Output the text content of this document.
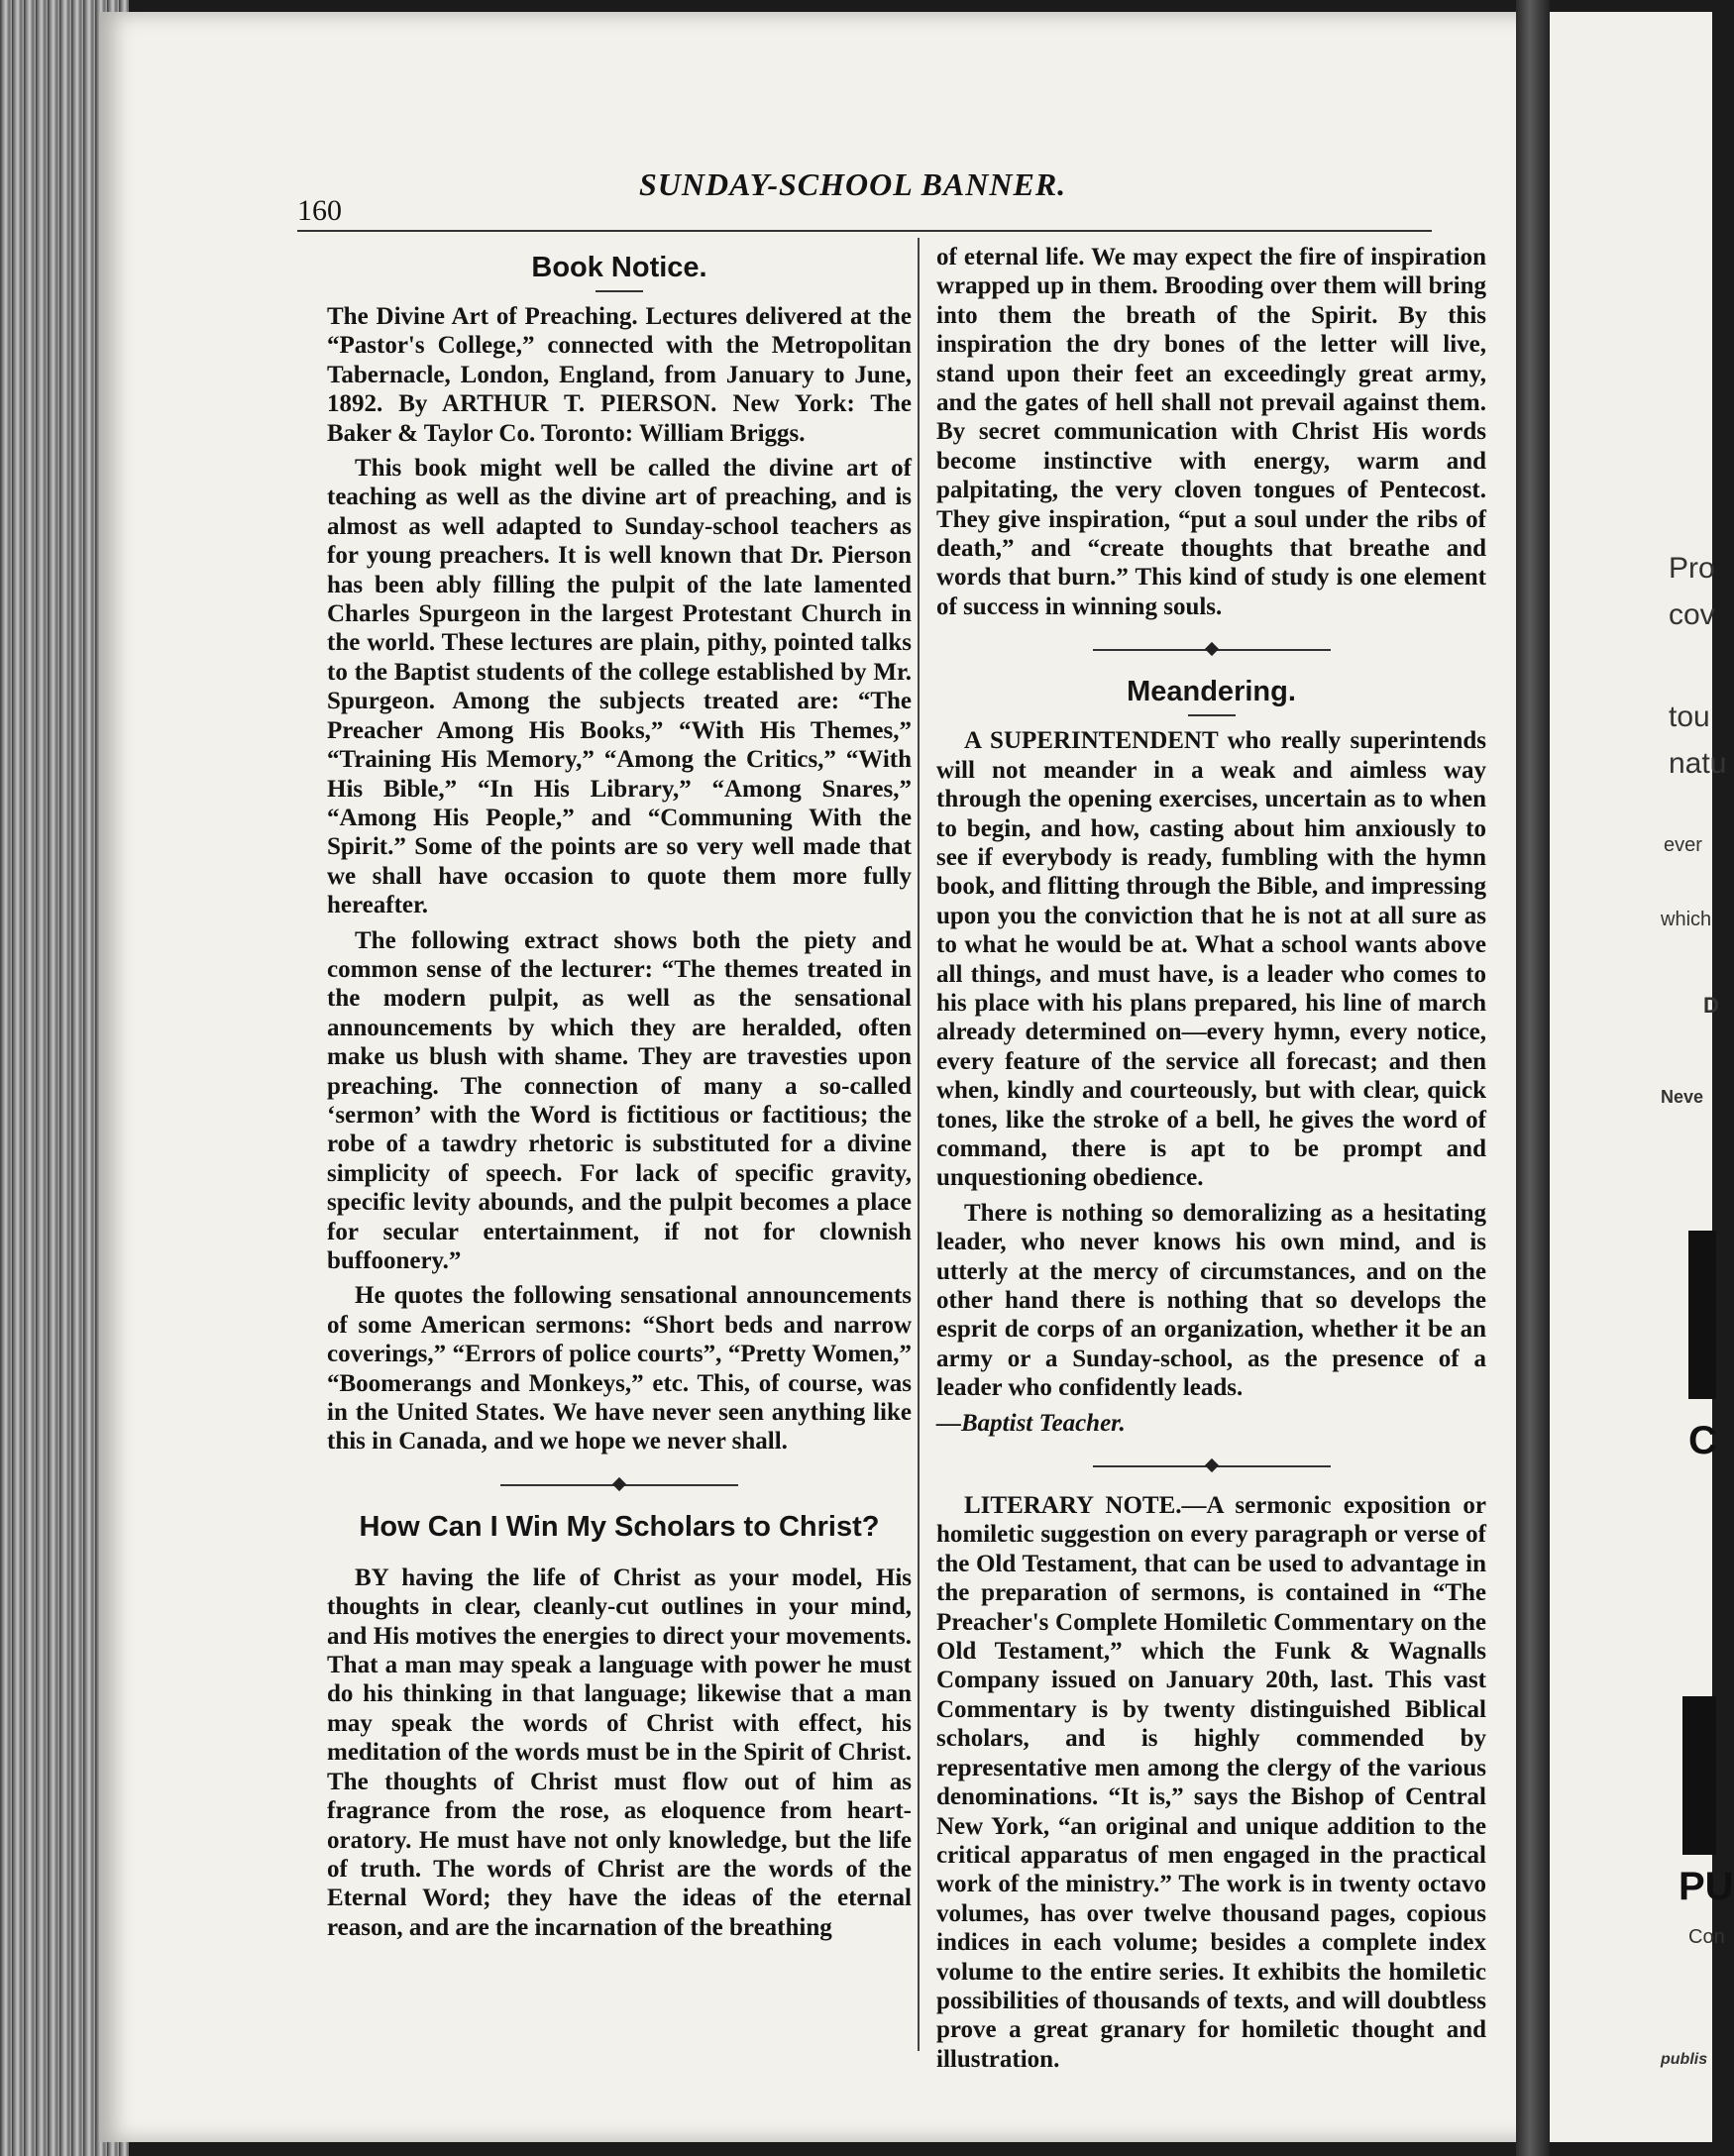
Pro
cov
tou
natu
ever
which
D
Neve
C
PU
Con
publis
160
SUNDAY-SCHOOL BANNER.
Book Notice.

The Divine Art of Preaching. Lectures delivered at the “Pastor's College,” connected with the Metropolitan Tabernacle, London, England, from January to June, 1892. By ARTHUR T. PIERSON. New York: The Baker & Taylor Co. Toronto: William Briggs.

This book might well be called the divine art of teaching as well as the divine art of preaching, and is almost as well adapted to Sunday-school teachers as for young preachers. It is well known that Dr. Pierson has been ably filling the pulpit of the late lamented Charles Spurgeon in the largest Protestant Church in the world. These lectures are plain, pithy, pointed talks to the Baptist students of the college established by Mr. Spurgeon. Among the subjects treated are: “The Preacher Among His Books,” “With His Themes,” “Training His Memory,” “Among the Critics,” “With His Bible,” “In His Library,” “Among Snares,” “Among His People,” and “Communing With the Spirit.” Some of the points are so very well made that we shall have occasion to quote them more fully hereafter.

The following extract shows both the piety and common sense of the lecturer: “The themes treated in the modern pulpit, as well as the sensational announcements by which they are heralded, often make us blush with shame. They are travesties upon preaching. The connection of many a so-called ‘sermon’ with the Word is fictitious or factitious; the robe of a tawdry rhetoric is substituted for a divine simplicity of speech. For lack of specific gravity, specific levity abounds, and the pulpit becomes a place for secular entertainment, if not for clownish buffoonery.”

He quotes the following sensational announcements of some American sermons: “Short beds and narrow coverings,” “Errors of police courts”, “Pretty Women,” “Boomerangs and Monkeys,” etc. This, of course, was in the United States. We have never seen anything like this in Canada, and we hope we never shall.

How Can I Win My Scholars to Christ?

BY having the life of Christ as your model, His thoughts in clear, cleanly-cut outlines in your mind, and His motives the energies to direct your movements. That a man may speak a language with power he must do his thinking in that language; likewise that a man may speak the words of Christ with effect, his meditation of the words must be in the Spirit of Christ. The thoughts of Christ must flow out of him as fragrance from the rose, as eloquence from heart-oratory. He must have not only knowledge, but the life of truth. The words of Christ are the words of the Eternal Word; they have the ideas of the eternal reason, and are the incarnation of the breathing

of eternal life. We may expect the fire of inspiration wrapped up in them. Brooding over them will bring into them the breath of the Spirit. By this inspiration the dry bones of the letter will live, stand upon their feet an exceedingly great army, and the gates of hell shall not prevail against them. By secret communication with Christ His words become instinctive with energy, warm and palpitating, the very cloven tongues of Pentecost. They give inspiration, “put a soul under the ribs of death,” and “create thoughts that breathe and words that burn.” This kind of study is one element of success in winning souls.

Meandering.

A SUPERINTENDENT who really superintends will not meander in a weak and aimless way through the opening exercises, uncertain as to when to begin, and how, casting about him anxiously to see if everybody is ready, fumbling with the hymn book, and flitting through the Bible, and impressing upon you the conviction that he is not at all sure as to what he would be at. What a school wants above all things, and must have, is a leader who comes to his place with his plans prepared, his line of march already determined on—every hymn, every notice, every feature of the service all forecast; and then when, kindly and courteously, but with clear, quick tones, like the stroke of a bell, he gives the word of command, there is apt to be prompt and unquestioning obedience.

There is nothing so demoralizing as a hesitating leader, who never knows his own mind, and is utterly at the mercy of circumstances, and on the other hand there is nothing that so develops the esprit de corps of an organization, whether it be an army or a Sunday-school, as the presence of a leader who confidently leads.

—Baptist Teacher.

LITERARY NOTE.—A sermonic exposition or homiletic suggestion on every paragraph or verse of the Old Testament, that can be used to advantage in the preparation of sermons, is contained in “The Preacher's Complete Homiletic Commentary on the Old Testament,” which the Funk & Wagnalls Company issued on January 20th, last. This vast Commentary is by twenty distinguished Biblical scholars, and is highly commended by representative men among the clergy of the various denominations. “It is,” says the Bishop of Central New York, “an original and unique addition to the critical apparatus of men engaged in the practical work of the ministry.” The work is in twenty octavo volumes, has over twelve thousand pages, copious indices in each volume; besides a complete index volume to the entire series. It exhibits the homiletic possibilities of thousands of texts, and will doubtless prove a great granary for homiletic thought and illustration.
